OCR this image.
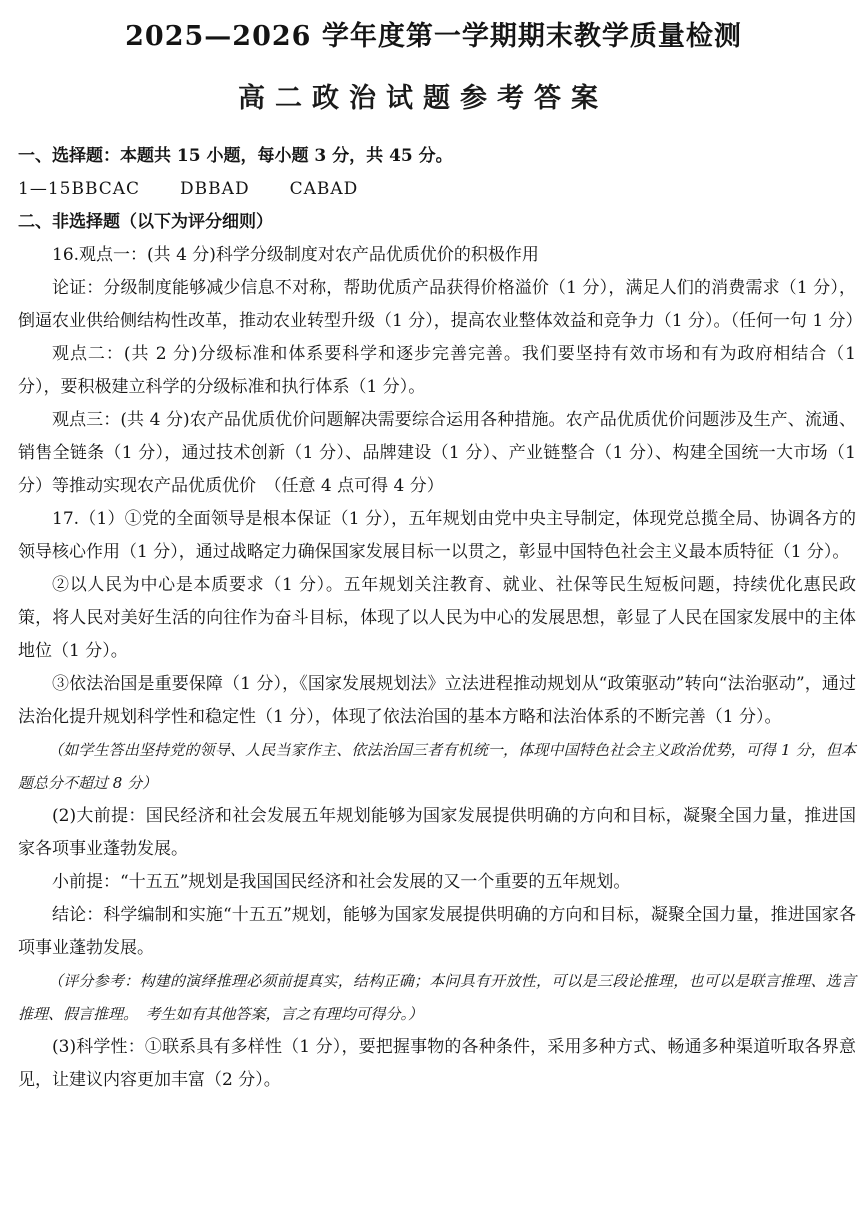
2025—2026 学年度第一学期期末教学质量检测
高二政治试题参考答案
一、选择题：本题共 15 小题，每小题 3 分，共 45 分。
1—15BBCAC DBBAD CABAD
二、非选择题（以下为评分细则）

16.观点一：(共 4 分)科学分级制度对农产品优质优价的积极作用

论证：分级制度能够减少信息不对称，帮助优质产品获得价格溢价（1 分），满足人们的消费需求（1 分），倒逼农业供给侧结构性改革，推动农业转型升级（1 分），提高农业整体效益和竞争力（1 分）。（任何一句 1 分）

观点二：(共 2 分)分级标准和体系要科学和逐步完善完善。我们要坚持有效市场和有为政府相结合（1 分），要积极建立科学的分级标准和执行体系（1 分）。

观点三：(共 4 分)农产品优质优价问题解决需要综合运用各种措施。农产品优质优价问题涉及生产、流通、销售全链条（1 分），通过技术创新（1 分）、品牌建设（1 分）、产业链整合（1 分）、构建全国统一大市场（1 分）等推动实现农产品优质优价　（任意 4 点可得 4 分）

17.（1）①党的全面领导是根本保证（1 分），五年规划由党中央主导制定，体现党总揽全局、协调各方的领导核心作用（1 分），通过战略定力确保国家发展目标一以贯之，彰显中国特色社会主义最本质特征（1 分）。

②以人民为中心是本质要求（1 分）。五年规划关注教育、就业、社保等民生短板问题，持续优化惠民政策，将人民对美好生活的向往作为奋斗目标，体现了以人民为中心的发展思想，彰显了人民在国家发展中的主体地位（1 分）。

③依法治国是重要保障（1 分），《国家发展规划法》立法进程推动规划从“政策驱动”转向“法治驱动”，通过法治化提升规划科学性和稳定性（1 分），体现了依法治国的基本方略和法治体系的不断完善（1 分）。

（如学生答出坚持党的领导、人民当家作主、依法治国三者有机统一，体现中国特色社会主义政治优势，可得 1 分，但本题总分不超过 8 分）

(2)大前提：国民经济和社会发展五年规划能够为国家发展提供明确的方向和目标，凝聚全国力量，推进国家各项事业蓬勃发展。

小前提：“十五五”规划是我国国民经济和社会发展的又一个重要的五年规划。

结论：科学编制和实施“十五五”规划，能够为国家发展提供明确的方向和目标，凝聚全国力量，推进国家各项事业蓬勃发展。

（评分参考：构建的演绎推理必须前提真实，结构正确；本问具有开放性，可以是三段论推理，也可以是联言推理、选言推理、假言推理。　考生如有其他答案，言之有理均可得分。）

(3)科学性：①联系具有多样性（1 分），要把握事物的各种条件，采用多种方式、畅通多种渠道听取各界意见，让建议内容更加丰富（2 分）。
